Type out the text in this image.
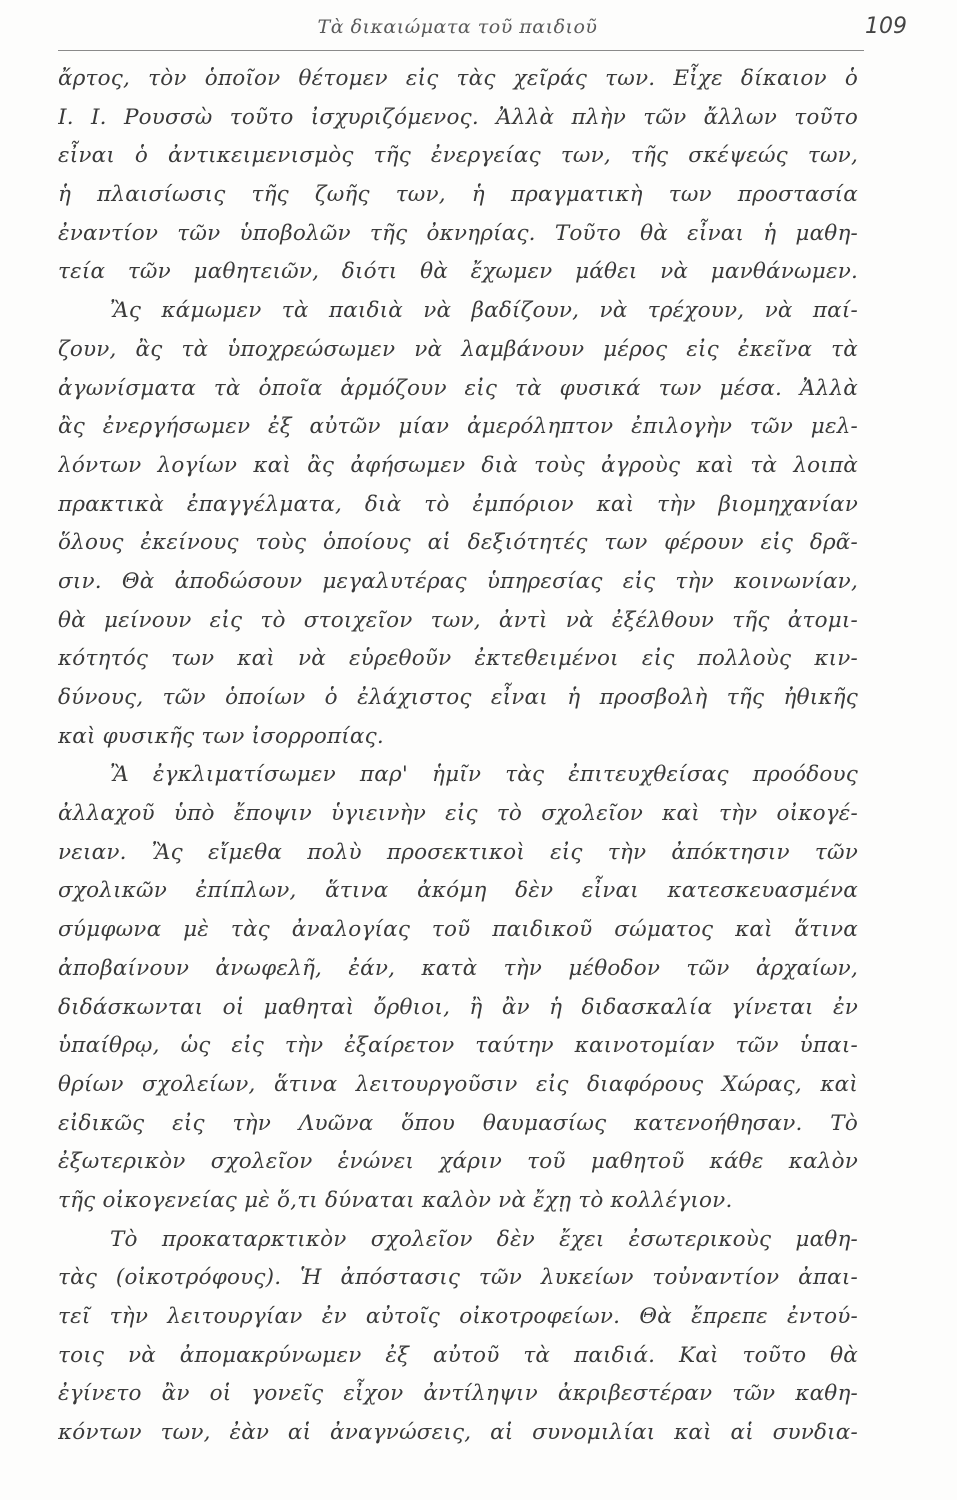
Τὰ δικαιώματα τοῦ παιδιοῦ	109
ἄρτος, τὸν ὁποῖον θέτομεν εἰς τὰς χεῖράς των. Εἶχε δίκαιον ὁ
Ι. Ι. Ρουσσὼ τοῦτο ἰσχυριζόμενος. Ἀλλὰ πλὴν τῶν ἄλλων τοῦτο
εἶναι ὁ ἀντικειμενισμὸς τῆς ἐνεργείας των, τῆς σκέψεώς των,
ἡ πλαισίωσις τῆς ζωῆς των, ἡ πραγματικὴ των προστασία
ἐναντίον τῶν ὑποβολῶν τῆς ὀκνηρίας. Τοῦτο θὰ εἶναι ἡ μαθη-
τεία τῶν μαθητειῶν, διότι θὰ ἔχωμεν μάθει νὰ μανθάνωμεν.
Ἂς κάμωμεν τὰ παιδιὰ νὰ βαδίζουν, νὰ τρέχουν, νὰ παί-
ζουν, ἂς τὰ ὑποχρεώσωμεν νὰ λαμβάνουν μέρος εἰς ἐκεῖνα τὰ
ἀγωνίσματα τὰ ὁποῖα ἁρμόζουν εἰς τὰ φυσικά των μέσα. Ἀλλὰ
ἂς ἐνεργήσωμεν ἐξ αὐτῶν μίαν ἀμερόληπτον ἐπιλογὴν τῶν μελ-
λόντων λογίων καὶ ἂς ἀφήσωμεν διὰ τοὺς ἀγροὺς καὶ τὰ λοιπὰ
πρακτικὰ ἐπαγγέλματα, διὰ τὸ ἐμπόριον καὶ τὴν βιομηχανίαν
ὅλους ἐκείνους τοὺς ὁποίους αἱ δεξιότητές των φέρουν εἰς δρᾶ-
σιν. Θὰ ἀποδώσουν μεγαλυτέρας ὑπηρεσίας εἰς τὴν κοινωνίαν,
θὰ μείνουν εἰς τὸ στοιχεῖον των, ἀντὶ νὰ ἐξέλθουν τῆς ἀτομι-
κότητός των καὶ νὰ εὑρεθοῦν ἐκτεθειμένοι εἰς πολλοὺς κιν-
δύνους, τῶν ὁποίων ὁ ἐλάχιστος εἶναι ἡ προσβολὴ τῆς ἠθικῆς
καὶ φυσικῆς των ἰσορροπίας.
Ἂ ἐγκλιματίσωμεν παρ' ἡμῖν τὰς ἐπιτευχθείσας προόδους
ἀλλαχοῦ ὑπὸ ἔποψιν ὑγιεινὴν εἰς τὸ σχολεῖον καὶ τὴν οἰκογέ-
νειαν. Ἂς εἴμεθα πολὺ προσεκτικοὶ εἰς τὴν ἀπόκτησιν τῶν
σχολικῶν ἐπίπλων, ἅτινα ἀκόμη δὲν εἶναι κατεσκευασμένα
σύμφωνα μὲ τὰς ἀναλογίας τοῦ παιδικοῦ σώματος καὶ ἅτινα
ἀποβαίνουν ἀνωφελῆ, ἐάν, κατὰ τὴν μέθοδον τῶν ἀρχαίων,
διδάσκωνται οἱ μαθηταὶ ὄρθιοι, ἢ ἂν ἡ διδασκαλία γίνεται ἐν
ὑπαίθρῳ, ὡς εἰς τὴν ἐξαίρετον ταύτην καινοτομίαν τῶν ὑπαι-
θρίων σχολείων, ἅτινα λειτουργοῦσιν εἰς διαφόρους Χώρας, καὶ
εἰδικῶς εἰς τὴν Λυῶνα ὅπου θαυμασίως κατενοήθησαν. Τὸ
ἐξωτερικὸν σχολεῖον ἑνώνει χάριν τοῦ μαθητοῦ κάθε καλὸν
τῆς οἰκογενείας μὲ ὅ,τι δύναται καλὸν νὰ ἔχῃ τὸ κολλέγιον.
Τὸ προκαταρκτικὸν σχολεῖον δὲν ἔχει ἐσωτερικοὺς μαθη-
τὰς (οἰκοτρόφους). Ἡ ἀπόστασις τῶν λυκείων τοὐναντίον ἀπαι-
τεῖ τὴν λειτουργίαν ἐν αὐτοῖς οἰκοτροφείων. Θὰ ἔπρεπε ἐντού-
τοις νὰ ἀπομακρύνωμεν ἐξ αὐτοῦ τὰ παιδιά. Καὶ τοῦτο θὰ
ἐγίνετο ἂν οἱ γονεῖς εἶχον ἀντίληψιν ἀκριβεστέραν τῶν καθη-
κόντων των, ἐὰν αἱ ἀναγνώσεις, αἱ συνομιλίαι καὶ αἱ συνδια-
